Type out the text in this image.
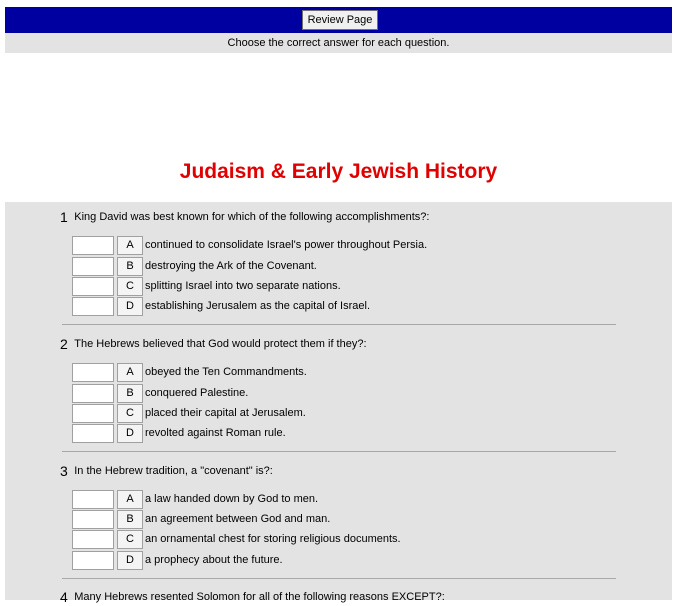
Review Page
Choose the correct answer for each question.
Judaism & Early Jewish History
1 King David was best known for which of the following accomplishments?:
A	continued to consolidate Israel's power throughout Persia.
B	destroying the Ark of the Covenant.
C	splitting Israel into two separate nations.
D	establishing Jerusalem as the capital of Israel.
2 The Hebrews believed that God would protect them if they?:
A	obeyed the Ten Commandments.
B	conquered Palestine.
C	placed their capital at Jerusalem.
D	revolted against Roman rule.
3 In the Hebrew tradition, a "covenant" is?:
A	a law handed down by God to men.
B	an agreement between God and man.
C	an ornamental chest for storing religious documents.
D	a prophecy about the future.
4 Many Hebrews resented Solomon for all of the following reasons EXCEPT?:
